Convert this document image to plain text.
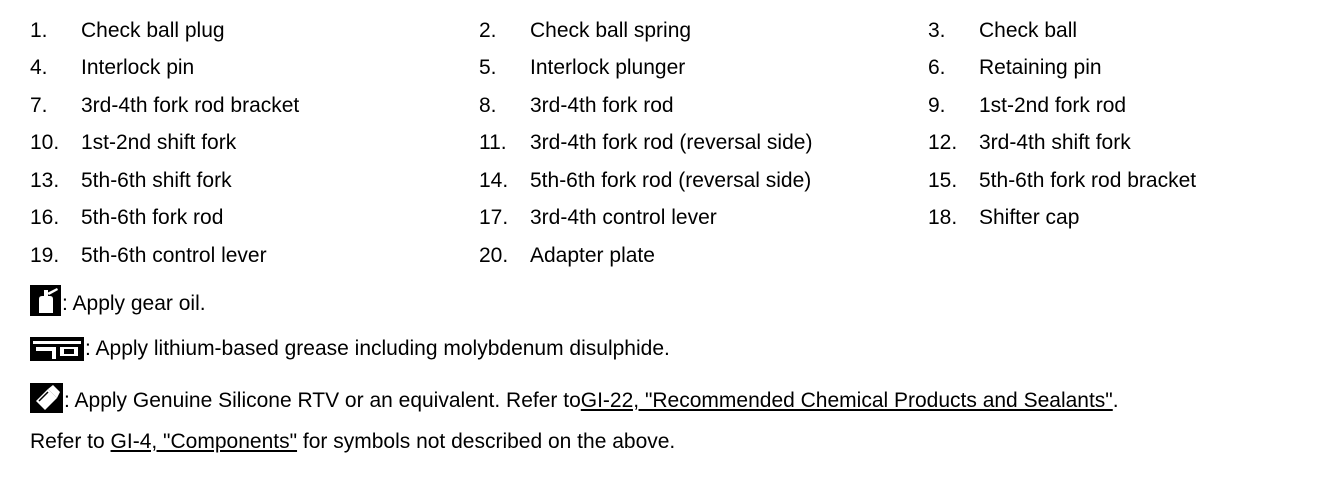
1.	Check ball plug	2.	Check ball spring	3.	Check ball
4.	Interlock pin	5.	Interlock plunger	6.	Retaining pin
7.	3rd-4th fork rod bracket	8.	3rd-4th fork rod	9.	1st-2nd fork rod
10.	1st-2nd shift fork	11.	3rd-4th fork rod (reversal side)	12.	3rd-4th shift fork
13.	5th-6th shift fork	14.	5th-6th fork rod (reversal side)	15.	5th-6th fork rod bracket
16.	5th-6th fork rod	17.	3rd-4th control lever	18.	Shifter cap
19.	5th-6th control lever	20.	Adapter plate
: Apply gear oil.
: Apply lithium-based grease including molybdenum disulphide.
: Apply Genuine Silicone RTV or an equivalent. Refer to GI-22, "Recommended Chemical Products and Sealants" .
Refer to GI-4, "Components" for symbols not described on the above.
